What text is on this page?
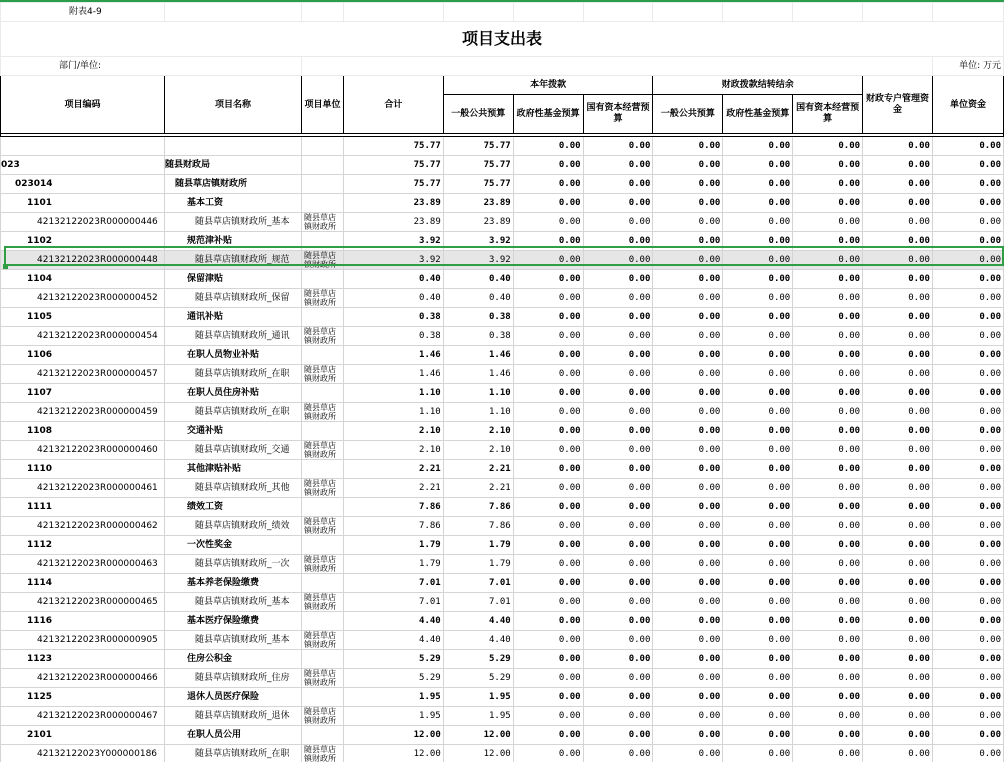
附表4-9											
项目支出表											
部门/单位:											单位: 万元
项目编码	项目名称	项目单位	合计	本年拨款			财政拨款结转结余			财政专户管理资金	单位资金
				一般公共预算	政府性基金预算	国有资本经营预算	一般公共预算	政府性基金预算	国有资本经营预算		

			75.77	75.77	0.00	0.00	0.00	0.00	0.00	0.00	0.00
023	随县财政局		75.77	75.77	0.00	0.00	0.00	0.00	0.00	0.00	0.00
023014	随县草店镇财政所		75.77	75.77	0.00	0.00	0.00	0.00	0.00	0.00	0.00
1101	基本工资		23.89	23.89	0.00	0.00	0.00	0.00	0.00	0.00	0.00
42132122023R000000446	随县草店镇财政所_基本	随县草店镇财政所	23.89	23.89	0.00	0.00	0.00	0.00	0.00	0.00	0.00
1102	规范津补贴		3.92	3.92	0.00	0.00	0.00	0.00	0.00	0.00	0.00
42132122023R000000448	随县草店镇财政所_规范	随县草店镇财政所	3.92	3.92	0.00	0.00	0.00	0.00	0.00	0.00	0.00
1104	保留津贴		0.40	0.40	0.00	0.00	0.00	0.00	0.00	0.00	0.00
42132122023R000000452	随县草店镇财政所_保留	随县草店镇财政所	0.40	0.40	0.00	0.00	0.00	0.00	0.00	0.00	0.00
1105	通讯补贴		0.38	0.38	0.00	0.00	0.00	0.00	0.00	0.00	0.00
42132122023R000000454	随县草店镇财政所_通讯	随县草店镇财政所	0.38	0.38	0.00	0.00	0.00	0.00	0.00	0.00	0.00
1106	在职人员物业补贴		1.46	1.46	0.00	0.00	0.00	0.00	0.00	0.00	0.00
42132122023R000000457	随县草店镇财政所_在职	随县草店镇财政所	1.46	1.46	0.00	0.00	0.00	0.00	0.00	0.00	0.00
1107	在职人员住房补贴		1.10	1.10	0.00	0.00	0.00	0.00	0.00	0.00	0.00
42132122023R000000459	随县草店镇财政所_在职	随县草店镇财政所	1.10	1.10	0.00	0.00	0.00	0.00	0.00	0.00	0.00
1108	交通补贴		2.10	2.10	0.00	0.00	0.00	0.00	0.00	0.00	0.00
42132122023R000000460	随县草店镇财政所_交通	随县草店镇财政所	2.10	2.10	0.00	0.00	0.00	0.00	0.00	0.00	0.00
1110	其他津贴补贴		2.21	2.21	0.00	0.00	0.00	0.00	0.00	0.00	0.00
42132122023R000000461	随县草店镇财政所_其他	随县草店镇财政所	2.21	2.21	0.00	0.00	0.00	0.00	0.00	0.00	0.00
1111	绩效工资		7.86	7.86	0.00	0.00	0.00	0.00	0.00	0.00	0.00
42132122023R000000462	随县草店镇财政所_绩效	随县草店镇财政所	7.86	7.86	0.00	0.00	0.00	0.00	0.00	0.00	0.00
1112	一次性奖金		1.79	1.79	0.00	0.00	0.00	0.00	0.00	0.00	0.00
42132122023R000000463	随县草店镇财政所_一次	随县草店镇财政所	1.79	1.79	0.00	0.00	0.00	0.00	0.00	0.00	0.00
1114	基本养老保险缴费		7.01	7.01	0.00	0.00	0.00	0.00	0.00	0.00	0.00
42132122023R000000465	随县草店镇财政所_基本	随县草店镇财政所	7.01	7.01	0.00	0.00	0.00	0.00	0.00	0.00	0.00
1116	基本医疗保险缴费		4.40	4.40	0.00	0.00	0.00	0.00	0.00	0.00	0.00
42132122023R000000905	随县草店镇财政所_基本	随县草店镇财政所	4.40	4.40	0.00	0.00	0.00	0.00	0.00	0.00	0.00
1123	住房公积金		5.29	5.29	0.00	0.00	0.00	0.00	0.00	0.00	0.00
42132122023R000000466	随县草店镇财政所_住房	随县草店镇财政所	5.29	5.29	0.00	0.00	0.00	0.00	0.00	0.00	0.00
1125	退休人员医疗保险		1.95	1.95	0.00	0.00	0.00	0.00	0.00	0.00	0.00
42132122023R000000467	随县草店镇财政所_退休	随县草店镇财政所	1.95	1.95	0.00	0.00	0.00	0.00	0.00	0.00	0.00
2101	在职人员公用		12.00	12.00	0.00	0.00	0.00	0.00	0.00	0.00	0.00
42132122023Y000000186	随县草店镇财政所_在职	随县草店镇财政所	12.00	12.00	0.00	0.00	0.00	0.00	0.00	0.00	0.00
